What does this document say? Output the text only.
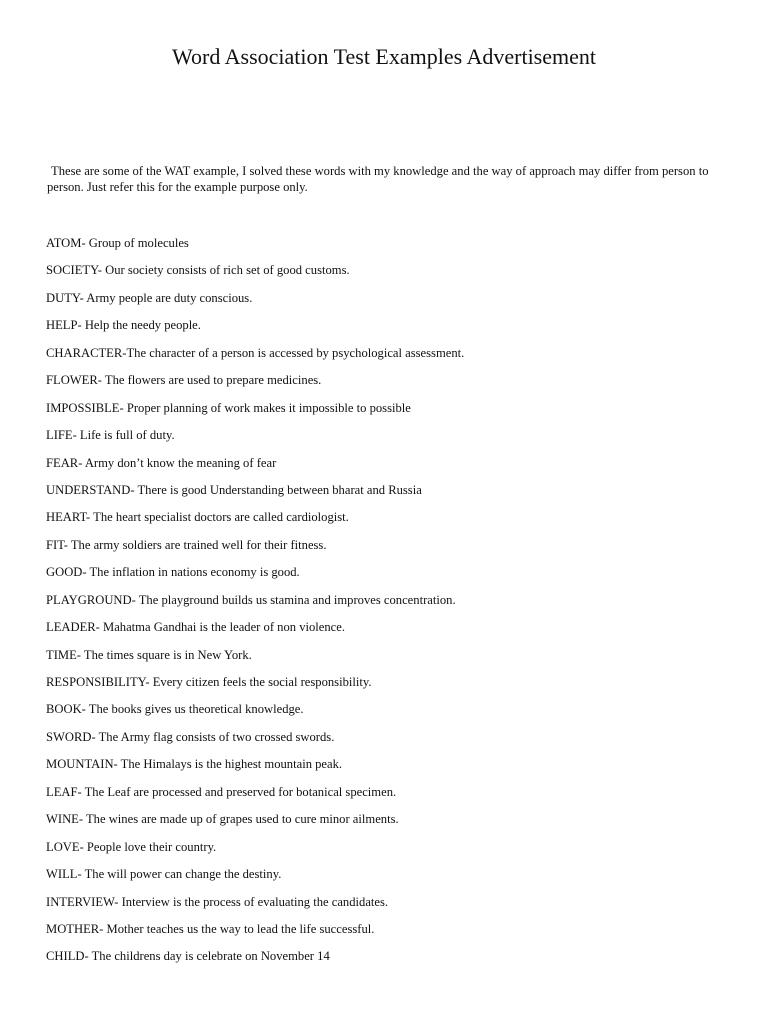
Word Association Test Examples Advertisement

These are some of the WAT example, I solved these words with my knowledge and the way of approach may differ from person to person. Just refer this for the example purpose only.

ATOM- Group of molecules
SOCIETY- Our society consists of rich set of good customs.
DUTY- Army people are duty conscious.
HELP- Help the needy people.
CHARACTER-The character of a person is accessed by psychological assessment.
FLOWER- The flowers are used to prepare medicines.
IMPOSSIBLE- Proper planning of work makes it impossible to possible
LIFE- Life is full of duty.
FEAR- Army don’t know the meaning of fear
UNDERSTAND- There is good Understanding between bharat and Russia
HEART- The heart specialist doctors are called cardiologist.
FIT- The army soldiers are trained well for their fitness.
GOOD- The inflation in nations economy is good.
PLAYGROUND- The playground builds us stamina and improves concentration.
LEADER- Mahatma Gandhai is the leader of non violence.
TIME- The times square is in New York.
RESPONSIBILITY- Every citizen feels the social responsibility.
BOOK- The books gives us theoretical knowledge.
SWORD- The Army flag consists of two crossed swords.
MOUNTAIN- The Himalays is the highest mountain peak.
LEAF- The Leaf are processed and preserved for botanical specimen.
WINE- The wines are made up of grapes used to cure minor ailments.
LOVE- People love their country.
WILL- The will power can change the destiny.
INTERVIEW- Interview is the process of evaluating the candidates.
MOTHER- Mother teaches us the way to lead the life successful.
CHILD- The childrens day is celebrate on November 14
